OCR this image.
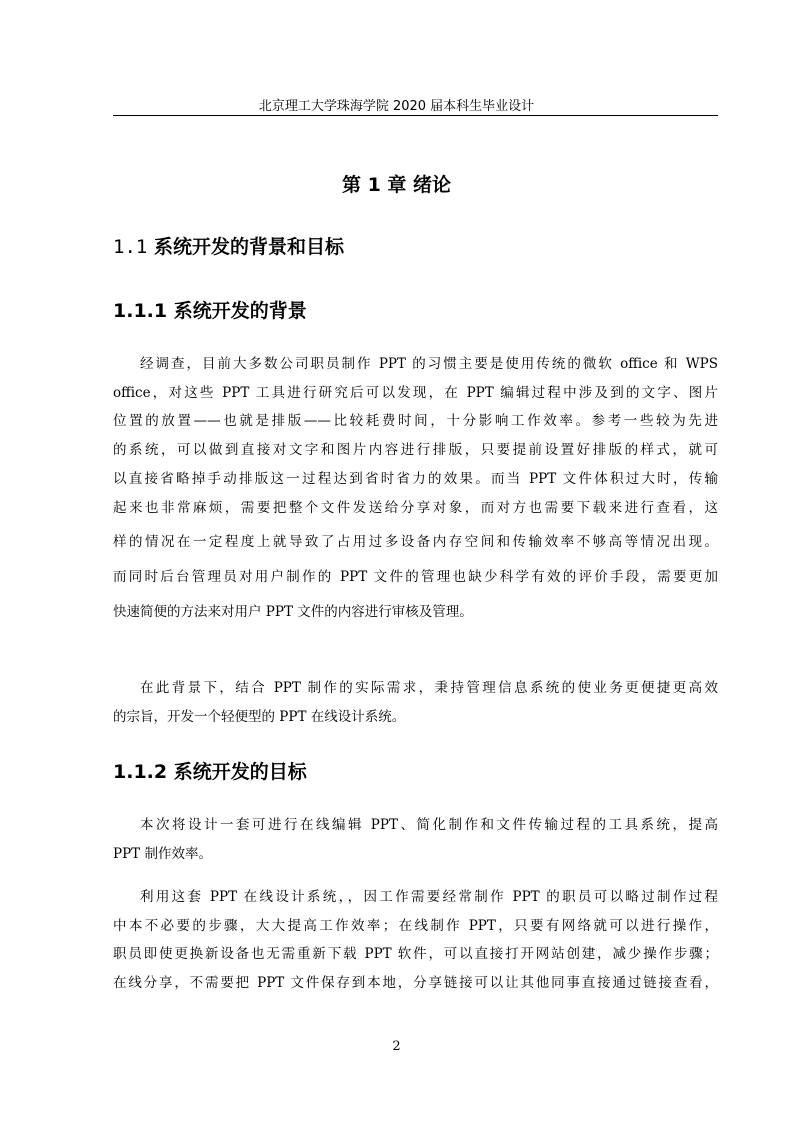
北京理工大学珠海学院 2020 届本科生毕业设计
第 1 章 绪论
1.1 系统开发的背景和目标
1.1.1 系统开发的背景
经调查，目前大多数公司职员制作 PPT 的习惯主要是使用传统的微软 office 和 WPS
office，对这些 PPT 工具进行研究后可以发现，在 PPT 编辑过程中涉及到的文字、图片
位置的放置——也就是排版——比较耗费时间，十分影响工作效率。参考一些较为先进
的系统，可以做到直接对文字和图片内容进行排版，只要提前设置好排版的样式，就可
以直接省略掉手动排版这一过程达到省时省力的效果。而当 PPT 文件体积过大时，传输
起来也非常麻烦，需要把整个文件发送给分享对象，而对方也需要下载来进行查看，这
样的情况在一定程度上就导致了占用过多设备内存空间和传输效率不够高等情况出现。
而同时后台管理员对用户制作的 PPT 文件的管理也缺少科学有效的评价手段，需要更加
快速简便的方法来对用户 PPT 文件的内容进行审核及管理。
在此背景下，结合 PPT 制作的实际需求，秉持管理信息系统的使业务更便捷更高效
的宗旨，开发一个轻便型的 PPT 在线设计系统。
1.1.2 系统开发的目标
本次将设计一套可进行在线编辑 PPT、简化制作和文件传输过程的工具系统，提高
PPT 制作效率。
利用这套 PPT 在线设计系统，，因工作需要经常制作 PPT 的职员可以略过制作过程
中本不必要的步骤，大大提高工作效率；在线制作 PPT，只要有网络就可以进行操作，
职员即使更换新设备也无需重新下载 PPT 软件，可以直接打开网站创建，减少操作步骤；
在线分享，不需要把 PPT 文件保存到本地，分享链接可以让其他同事直接通过链接查看，
2
